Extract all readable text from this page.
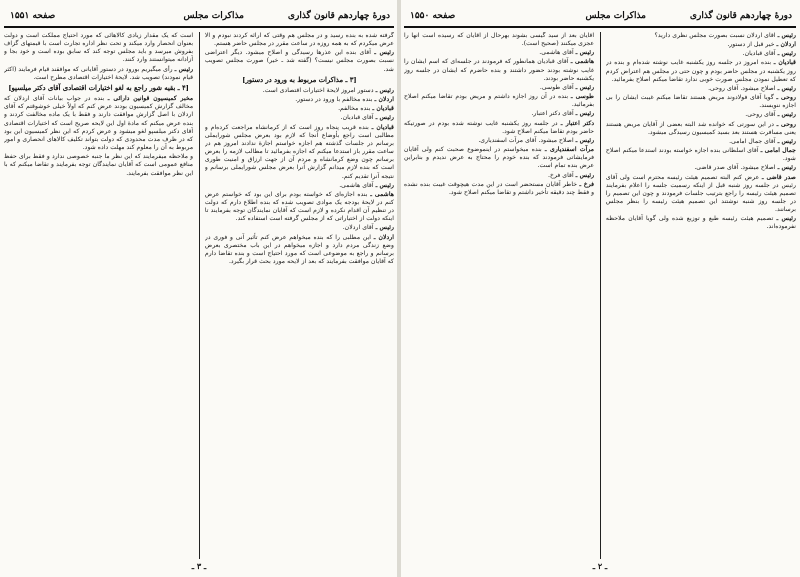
دورهٔ چهاردهم قانون گذاری
مذاکرات مجلس
صفحه ۱۵۵۱

گرفته شده به بنده رسید و در مجلس هم وقتی که ارائه کردند نبودم و الا عرض میکردم که به همه روزه در ساعت مقرر در مجلس حاضر هستم.

رئیس ـ آقای بنده این عذرها رسیدگی و اصلاح میشود. دیگر اعتراضی نسبت بصورت مجلس نیست؟ (گفته شد ـ خیر) صورت مجلس تصویب شد.

[۳ ـ مذاکرات مربوط به ورود در دستور]

رئیس ـ دستور امروز لایحهٔ اختیارات اقتصادی است.

اردلان ـ بنده مخالفم با ورود در دستور.

قبادیان ـ بنده مخالفم.

رئیس ـ آقای قبادیان.

قبادیان ـ بنده قریب پنجاه روز است که از کرمانشاه مراجعت کرده‌ام و مطالبی است راجع بأوضاع آنجا که لازم بود بعرض مجلس شورایملی برسانم در جلسات گذشته هم اجازه خواستم اجازهٔ ندادند امروز هم در ساعت مقرر باز استدعا میکنم که اجازه بفرمائید تا مطالب لازمه را بعرض برسانم چون وضع کرمانشاه و مردم آن از جهت ارزاق و امنیت طوری است که بنده لازم میدانم گزارش آنرا بعرض مجلس شورایملی برسانم و نتیجه آنرا تقدیم کنم.

رئیس ـ آقای هاشمی.

هاشمی ـ بنده اجازه‌ای که خواسته بودم برای این بود که خواستم عرض کنم در لایحهٔ بودجه یک موادی تصویب شده که بنده اطلاع دارم که دولت در تنظیم آن اقدام نکرده و لازم است که آقایان نمایندگان توجه بفرمایند تا اینکه دولت از اختیاراتی که از مجلس گرفته است استفاده کند.

رئیس ـ آقای اردلان.

اردلان ـ این مطلبی را که بنده میخواهم عرض کنم تأثیر آنی و فوری در وضع زندگی مردم دارد و اجازه میخواهم در این باب مختصری بعرض برسانم و راجع به موضوعی است که مورد احتیاج است و بنده تقاضا دارم که آقایان موافقت بفرمایند که بعد از لایحه مورد بحث قرار بگیرد.

است که یک مقدار زیادی کالاهائی که مورد احتیاج مملکت است و دولت بعنوان انحصار وارد میکند و تحت نظر اداره تجارت است با قیمتهای گزاف بفروش میرسد و باید مجلس توجه کند که سابق بوده است و خود بجا و آزادانه میتوانستند وارد کنند.

رئیس ـ رأی میگیریم بورود در دستور آقایانی که موافقند قیام فرمایند (اکثر قیام نمودند) تصویب شد. لایحهٔ اختیارات اقتصادی مطرح است.

[۴ ـ بقیه شور راجع به لغو اختیارات اقتصادی آقای دکتر میلسپو]

مخبر کمیسیون قوانین دارائی ـ بنده در جواب بیانات آقای اردلان که مخالف گزارش کمیسیون بودند عرض کنم که اولاً خیلی خوشوقتم که آقای اردلان با اصل گزارش موافقت دارند و فقط با یک ماده مخالفت کردند و بنده عرض میکنم که مادهٔ اول این لایحه صریح است که اختیارات اقتصادی آقای دکتر میلسپو لغو میشود و عرض کردم که این نظر کمیسیون این بود که در ظرف مدت محدودی که دولت بتواند تکلیف کالاهای انحصاری و امور مربوط به آن را معلوم کند مهلت داده شود.

و ملاحظه میفرمایند که این نظر ما جنبه خصوصی ندارد و فقط برای حفظ منافع عمومی است که آقایان نمایندگان توجه بفرمایند و تقاضا میکنم که با این نظر موافقت بفرمایند.

ـ ۳ ـ
دورهٔ چهاردهم قانون گذاری
مذاکرات مجلس
صفحه ۱۵۵۰

رئیس ـ آقای اردلان نسبت بصورت مجلس نظری دارید؟

اردلان ـ خیر قبل از دستور.

رئیس ـ آقای قبادیان.

قبادیان ـ بنده امروز در جلسه روز یکشنبه غایب نوشته شده‌ام و بنده در روز یکشنبه در مجلس حاضر بودم و چون حتی در مجلس هم اعتراض کردم که تعطیل نمودن مجلس صورت خوبی ندارد تقاضا میکنم اصلاح بفرمائید.

رئیس ـ اصلاح میشود. آقای روحی.

روحی ـ گویا آقای فولادوند مریض هستند تقاضا میکنم غیبت ایشان را بی اجازه ننویسند.

رئیس ـ آقای روحی.

روحی ـ در این سورتی که خوانده شد البته بعضی از آقایان مریض هستند یعنی مسافرت هستند بعد بسید کمیسیون رسیدگی میشود.

رئیس ـ آقای جمال امامی.

جمال امامی ـ آقای اسلطانی بنده اجازه خواسته بودند استدعا میکنم اصلاح شود.

رئیس ـ اصلاح میشود. آقای صدر قاضی.

صدر قاضی ـ عرض کنم البته تصمیم هیئت رئیسه محترم است ولی آقای رئیس در جلسه روز شنبه قبل از اینکه رسمیت جلسه را اعلام بفرمایند تصمیم هیئت رئیسه را راجع بترتیب جلسات فرمودند و چون این تصمیم را در جلسه روز شنبه نوشتند این تصمیم هیئت رئیسه را بنظر مجلس برسانند.

رئیس ـ تصمیم هیئت رئیسه طبع و توزیع شده ولی گویا آقایان ملاحظه نفرموده‌اند.

آقایان بعد از سید گیسی بشوند بهرحال از آقایان که رسیده است آنها را عجزی میکنند (صحیح است).

رئیس ـ آقای هاشمی.

هاشمی ـ آقای قبادیان همانطور که فرمودند در جلسه‌ای که اسم ایشان را غایب نوشته بودند حضور داشتند و بنده حاضرم که ایشان در جلسه روز یکشنبه حاضر بودند.

رئیس ـ آقای طوسی.

طوسی ـ بنده در آن روز اجازه داشتم و مریض بودم تقاضا میکنم اصلاح بفرمائید.

رئیس ـ آقای دکتر اعتبار.

دکتر اعتبار ـ در جلسه روز یکشنبه غایب نوشته شده بودم در صورتیکه حاضر بودم تقاضا میکنم اصلاح شود.

رئیس ـ اصلاح میشود. آقای مرآت اسفندیاری.

مرآت اسفندیاری ـ بنده میخواستم در اینموضوع صحبت کنم ولی آقایان فرمایشاتی فرمودند که بنده خودم را محتاج به عرض ندیدم و بنابراین عرض بنده تمام است.

رئیس ـ آقای فرخ.

فرخ ـ خاطر آقایان مستحضر است در این مدت هیچوقت غیبت بنده نشده و فقط چند دقیقه تأخیر داشتم و تقاضا میکنم اصلاح شود.

ـ ۲ ـ
